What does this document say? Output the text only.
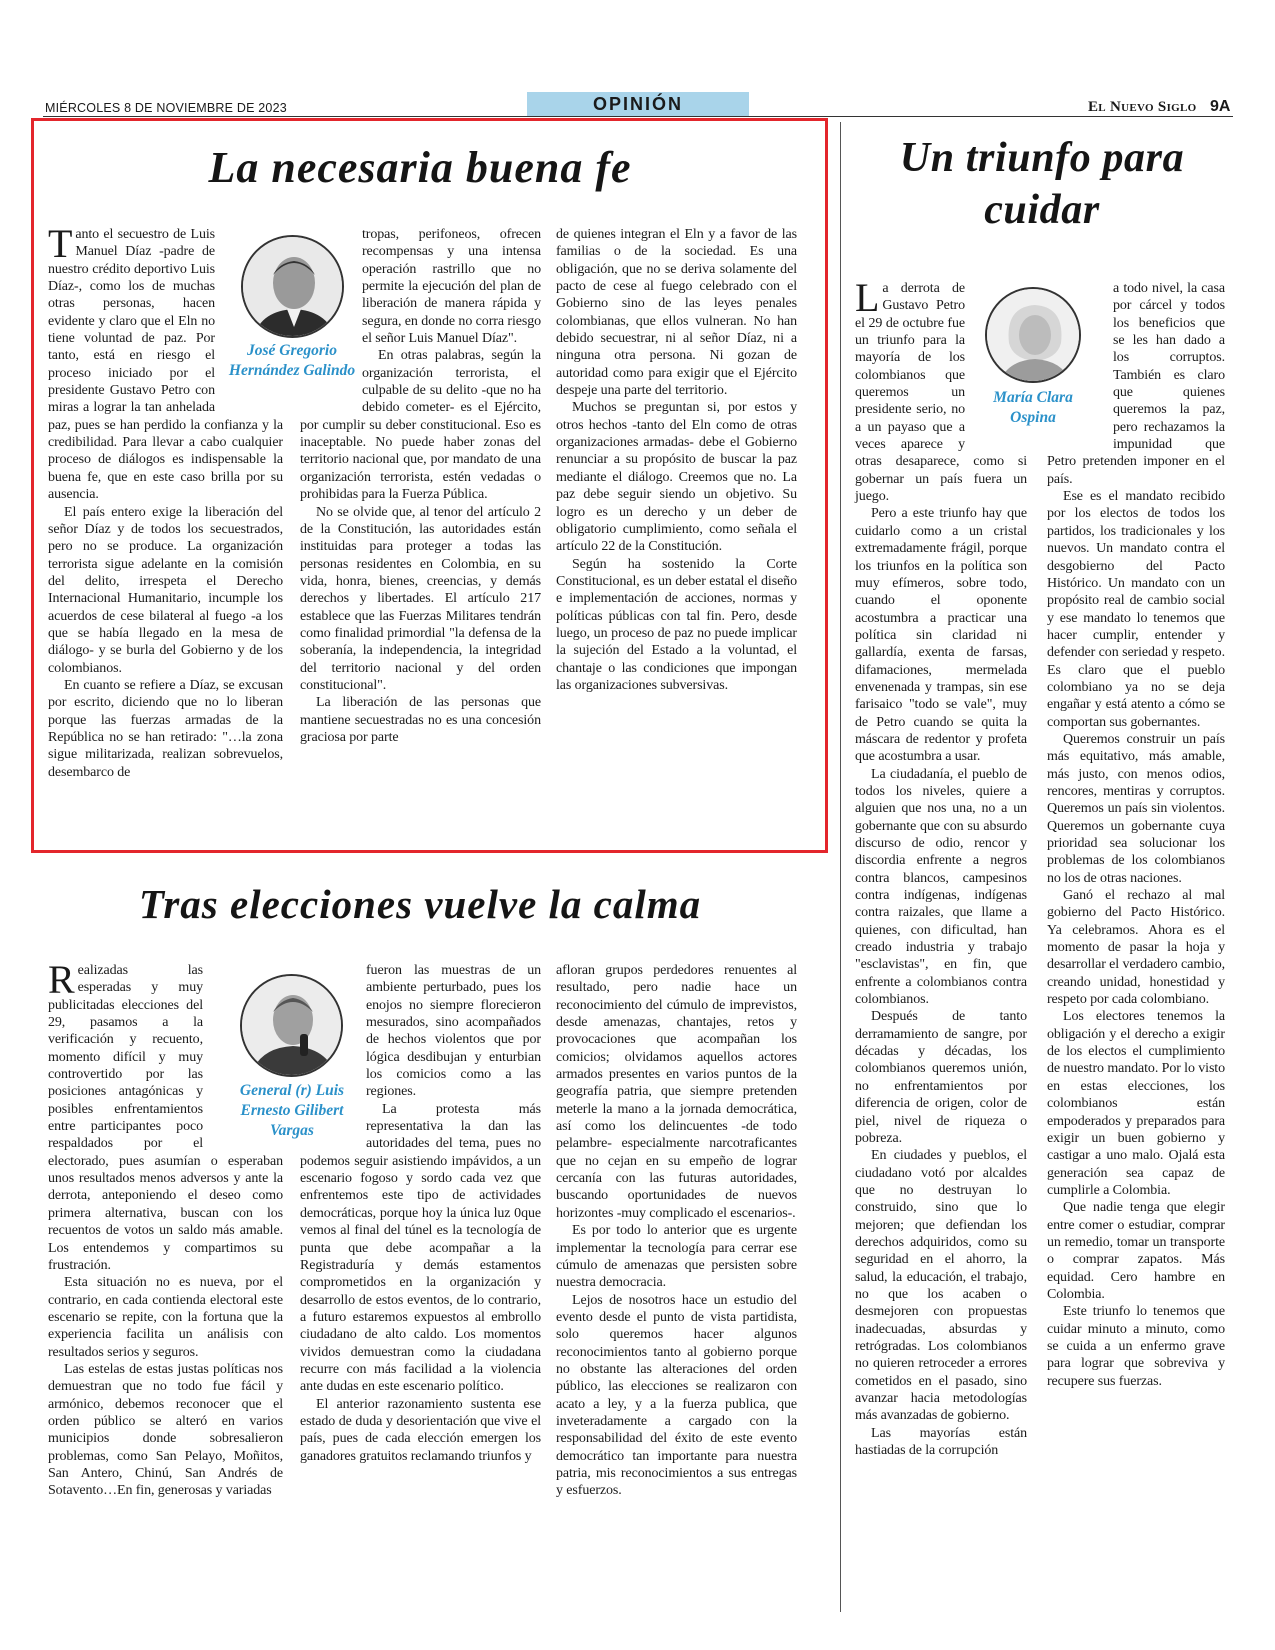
MIÉRCOLES 8 DE NOVIEMBRE DE 2023	OPINIÓN	El Nuevo Siglo 9A
La necesaria buena fe
José Gregorio Hernández Galindo

Tanto el secuestro de Luis Manuel Díaz -padre de nuestro crédito deportivo Luis Díaz-, como los de muchas otras personas, hacen evidente y claro que el Eln no tiene voluntad de paz. Por tanto, está en riesgo el proceso iniciado por el presidente Gustavo Petro con miras a lograr la tan anhelada paz, pues se han perdido la confianza y la credibilidad. Para llevar a cabo cualquier proceso de diálogos es indispensable la buena fe, que en este caso brilla por su ausencia.

El país entero exige la liberación del señor Díaz y de todos los secuestrados, pero no se produce. La organización terrorista sigue adelante en la comisión del delito, irrespeta el Derecho Internacional Humanitario, incumple los acuerdos de cese bilateral al fuego -a los que se había llegado en la mesa de diálogo- y se burla del Gobierno y de los colombianos.

En cuanto se refiere a Díaz, se excusan por escrito, diciendo que no lo liberan porque las fuerzas armadas de la República no se han retirado: "…la zona sigue militarizada, realizan sobrevuelos, desembarco de

tropas, perifoneos, ofrecen recompensas y una intensa operación rastrillo que no permite la ejecución del plan de liberación de manera rápida y segura, en donde no corra riesgo el señor Luis Manuel Díaz".

En otras palabras, según la organización terrorista, el culpable de su delito -que no ha debido cometer- es el Ejército, por cumplir su deber constitucional. Eso es inaceptable. No puede haber zonas del territorio nacional que, por mandato de una organización terrorista, estén vedadas o prohibidas para la Fuerza Pública.

No se olvide que, al tenor del artículo 2 de la Constitución, las autoridades están instituidas para proteger a todas las personas residentes en Colombia, en su vida, honra, bienes, creencias, y demás derechos y libertades. El artículo 217 establece que las Fuerzas Militares tendrán como finalidad primordial "la defensa de la soberanía, la independencia, la integridad del territorio nacional y del orden constitucional".

La liberación de las personas que mantiene secuestradas no es una concesión graciosa por parte

de quienes integran el Eln y a favor de las familias o de la sociedad. Es una obligación, que no se deriva solamente del pacto de cese al fuego celebrado con el Gobierno sino de las leyes penales colombianas, que ellos vulneran. No han debido secuestrar, ni al señor Díaz, ni a ninguna otra persona. Ni gozan de autoridad como para exigir que el Ejército despeje una parte del territorio.

Muchos se preguntan si, por estos y otros hechos -tanto del Eln como de otras organizaciones armadas- debe el Gobierno renunciar a su propósito de buscar la paz mediante el diálogo. Creemos que no. La paz debe seguir siendo un objetivo. Su logro es un derecho y un deber de obligatorio cumplimiento, como señala el artículo 22 de la Constitución.

Según ha sostenido la Corte Constitucional, es un deber estatal el diseño e implementación de acciones, normas y políticas públicas con tal fin. Pero, desde luego, un proceso de paz no puede implicar la sujeción del Estado a la voluntad, el chantaje o las condiciones que impongan las organizaciones subversivas.

Tras elecciones vuelve la calma
General (r) Luis Ernesto Gilibert Vargas

Realizadas las esperadas y muy publicitadas elecciones del 29, pasamos a la verificación y recuento, momento difícil y muy controvertido por las posiciones antagónicas y posibles enfrentamientos entre participantes poco respaldados por el electorado, pues asumían o esperaban unos resultados menos adversos y ante la derrota, anteponiendo el deseo como primera alternativa, buscan con los recuentos de votos un saldo más amable. Los entendemos y compartimos su frustración.

Esta situación no es nueva, por el contrario, en cada contienda electoral este escenario se repite, con la fortuna que la experiencia facilita un análisis con resultados serios y seguros.

Las estelas de estas justas políticas nos demuestran que no todo fue fácil y armónico, debemos reconocer que el orden público se alteró en varios municipios donde sobresalieron problemas, como San Pelayo, Moñitos, San Antero, Chinú, San Andrés de Sotavento…En fin, generosas y variadas

fueron las muestras de un ambiente perturbado, pues los enojos no siempre florecieron mesurados, sino acompañados de hechos violentos que por lógica desdibujan y enturbian los comicios como a las regiones.

La protesta más representativa la dan las autoridades del tema, pues no podemos seguir asistiendo impávidos, a un escenario fogoso y sordo cada vez que enfrentemos este tipo de actividades democráticas, porque hoy la única luz 0que vemos al final del túnel es la tecnología de punta que debe acompañar a la Registraduría y demás estamentos comprometidos en la organización y desarrollo de estos eventos, de lo contrario, a futuro estaremos expuestos al embrollo ciudadano de alto caldo. Los momentos vividos demuestran como la ciudadana recurre con más facilidad a la violencia ante dudas en este escenario político.

El anterior razonamiento sustenta ese estado de duda y desorientación que vive el país, pues de cada elección emergen los ganadores gratuitos reclamando triunfos y

afloran grupos perdedores renuentes al resultado, pero nadie hace un reconocimiento del cúmulo de imprevistos, desde amenazas, chantajes, retos y provocaciones que acompañan los comicios; olvidamos aquellos actores armados presentes en varios puntos de la geografía patria, que siempre pretenden meterle la mano a la jornada democrática, así como los delincuentes -de todo pelambre- especialmente narcotraficantes que no cejan en su empeño de lograr cercanía con las futuras autoridades, buscando oportunidades de nuevos horizontes -muy complicado el escenarios-.

Es por todo lo anterior que es urgente implementar la tecnología para cerrar ese cúmulo de amenazas que persisten sobre nuestra democracia.

Lejos de nosotros hace un estudio del evento desde el punto de vista partidista, solo queremos hacer algunos reconocimientos tanto al gobierno porque no obstante las alteraciones del orden público, las elecciones se realizaron con acato a ley, y a la fuerza publica, que inveteradamente a cargado con la responsabilidad del éxito de este evento democrático tan importante para nuestra patria, mis reconocimientos a sus entregas y esfuerzos.

Un triunfo para cuidar
María Clara Ospina

La derrota de Gustavo Petro el 29 de octubre fue un triunfo para la mayoría de los colombianos que queremos un presidente serio, no a un payaso que a veces aparece y otras desaparece, como si gobernar un país fuera un juego.

Pero a este triunfo hay que cuidarlo como a un cristal extremadamente frágil, porque los triunfos en la política son muy efímeros, sobre todo, cuando el oponente acostumbra a practicar una política sin claridad ni gallardía, exenta de farsas, difamaciones, mermelada envenenada y trampas, sin ese farisaico "todo se vale", muy de Petro cuando se quita la máscara de redentor y profeta que acostumbra a usar.

La ciudadanía, el pueblo de todos los niveles, quiere a alguien que nos una, no a un gobernante que con su absurdo discurso de odio, rencor y discordia enfrente a negros contra blancos, campesinos contra indígenas, indígenas contra raizales, que llame a quienes, con dificultad, han creado industria y trabajo "esclavistas", en fin, que enfrente a colombianos contra colombianos.

Después de tanto derramamiento de sangre, por décadas y décadas, los colombianos queremos unión, no enfrentamientos por diferencia de origen, color de piel, nivel de riqueza o pobreza.

En ciudades y pueblos, el ciudadano votó por alcaldes que no destruyan lo construido, sino que lo mejoren; que defiendan los derechos adquiridos, como su seguridad en el ahorro, la salud, la educación, el trabajo, no que los acaben o desmejoren con propuestas inadecuadas, absurdas y retrógradas. Los colombianos no quieren retroceder a errores cometidos en el pasado, sino avanzar hacia metodologías más avanzadas de gobierno.

Las mayorías están hastiadas de la corrupción

a todo nivel, la casa por cárcel y todos los beneficios que se les han dado a los corruptos. También es claro que quienes queremos la paz, pero rechazamos la impunidad que Petro pretenden imponer en el país.

Ese es el mandato recibido por los electos de todos los partidos, los tradicionales y los nuevos. Un mandato contra el desgobierno del Pacto Histórico. Un mandato con un propósito real de cambio social y ese mandato lo tenemos que hacer cumplir, entender y defender con seriedad y respeto. Es claro que el pueblo colombiano ya no se deja engañar y está atento a cómo se comportan sus gobernantes.

Queremos construir un país más equitativo, más amable, más justo, con menos odios, rencores, mentiras y corruptos. Queremos un país sin violentos. Queremos un gobernante cuya prioridad sea solucionar los problemas de los colombianos no los de otras naciones.

Ganó el rechazo al mal gobierno del Pacto Histórico. Ya celebramos. Ahora es el momento de pasar la hoja y desarrollar el verdadero cambio, creando unidad, honestidad y respeto por cada colombiano.

Los electores tenemos la obligación y el derecho a exigir de los electos el cumplimiento de nuestro mandato. Por lo visto en estas elecciones, los colombianos están empoderados y preparados para exigir un buen gobierno y castigar a uno malo. Ojalá esta generación sea capaz de cumplirle a Colombia.

Que nadie tenga que elegir entre comer o estudiar, comprar un remedio, tomar un transporte o comprar zapatos. Más equidad. Cero hambre en Colombia.

Este triunfo lo tenemos que cuidar minuto a minuto, como se cuida a un enfermo grave para lograr que sobreviva y recupere sus fuerzas.
